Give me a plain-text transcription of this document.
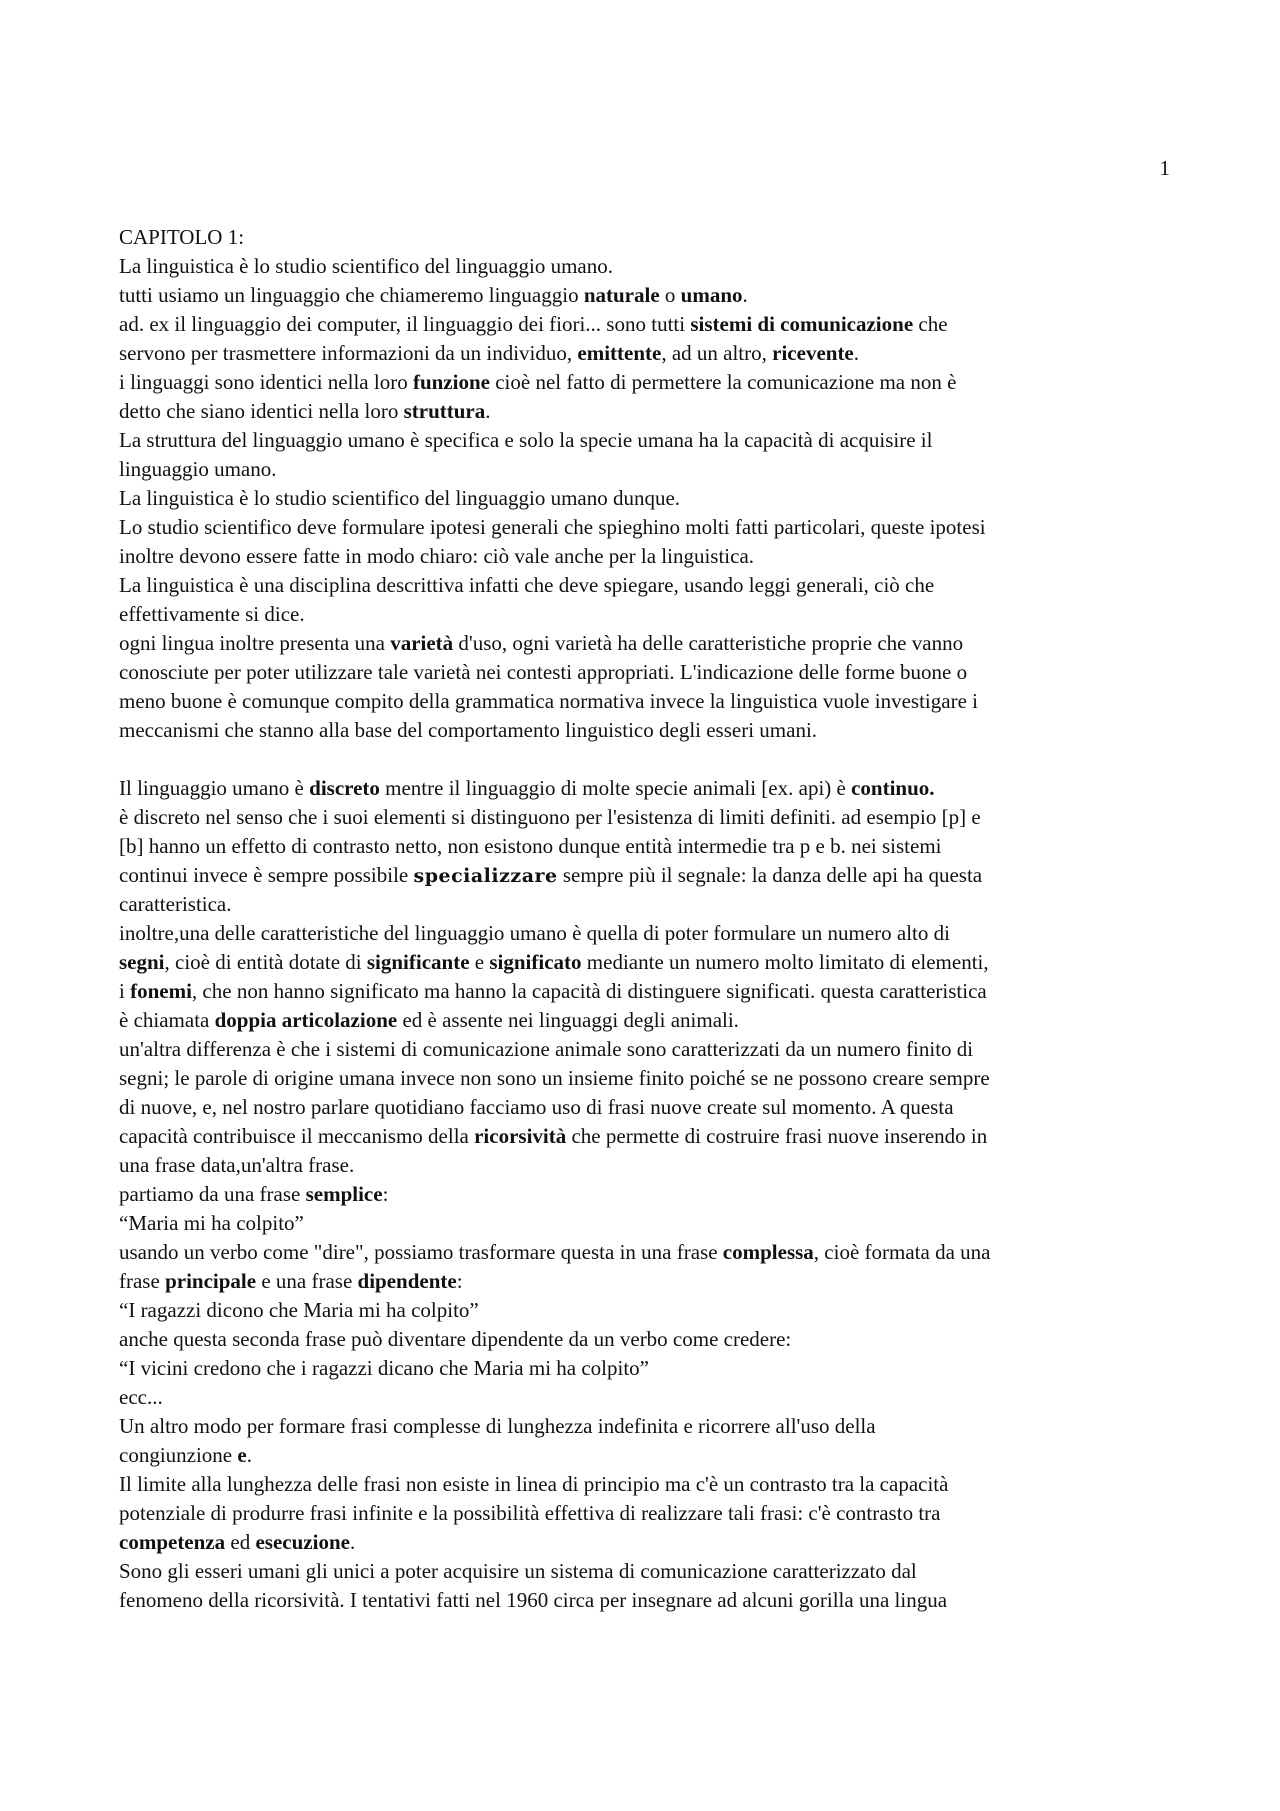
1
CAPITOLO 1:
La linguistica è lo studio scientifico del linguaggio umano.
tutti usiamo un linguaggio che chiameremo linguaggio naturale o umano.
ad. ex il linguaggio dei computer, il linguaggio dei fiori... sono tutti sistemi di comunicazione che
servono per trasmettere informazioni da un individuo, emittente, ad un altro, ricevente.
i linguaggi sono identici nella loro funzione cioè nel fatto di permettere la comunicazione ma non è
detto che siano identici nella loro struttura.
La struttura del linguaggio umano è specifica e solo la specie umana ha la capacità di acquisire il
linguaggio umano.
La linguistica è lo studio scientifico del linguaggio umano dunque.
Lo studio scientifico deve formulare ipotesi generali che spieghino molti fatti particolari, queste ipotesi
inoltre devono essere fatte in modo chiaro: ciò vale anche per la linguistica.
La linguistica è una disciplina descrittiva infatti che deve spiegare, usando leggi generali, ciò che
effettivamente si dice.
ogni lingua inoltre presenta una varietà d'uso, ogni varietà ha delle caratteristiche proprie che vanno
conosciute per poter utilizzare tale varietà nei contesti appropriati. L'indicazione delle forme buone o
meno buone è comunque compito della grammatica normativa invece la linguistica vuole investigare i
meccanismi che stanno alla base del comportamento linguistico degli esseri umani.
Il linguaggio umano è discreto mentre il linguaggio di molte specie animali [ex. api) è continuo.
è discreto nel senso che i suoi elementi si distinguono per l'esistenza di limiti definiti. ad esempio [p] e
[b] hanno un effetto di contrasto netto, non esistono dunque entità intermedie tra p e b. nei sistemi
continui invece è sempre possibile specializzare sempre più il segnale: la danza delle api ha questa
caratteristica.
inoltre,una delle caratteristiche del linguaggio umano è quella di poter formulare un numero alto di
segni, cioè di entità dotate di significante e significato mediante un numero molto limitato di elementi,
i fonemi, che non hanno significato ma hanno la capacità di distinguere significati. questa caratteristica
è chiamata doppia articolazione ed è assente nei linguaggi degli animali.
un'altra differenza è che i sistemi di comunicazione animale sono caratterizzati da un numero finito di
segni; le parole di origine umana invece non sono un insieme finito poiché se ne possono creare sempre
di nuove, e, nel nostro parlare quotidiano facciamo uso di frasi nuove create sul momento. A questa
capacità contribuisce il meccanismo della ricorsività che permette di costruire frasi nuove inserendo in
una frase data,un'altra frase.
partiamo da una frase semplice:
“Maria mi ha colpito”
usando un verbo come "dire", possiamo trasformare questa in una frase complessa, cioè formata da una
frase principale e una frase dipendente:
“I ragazzi dicono che Maria mi ha colpito”
anche questa seconda frase può diventare dipendente da un verbo come credere:
“I vicini credono che i ragazzi dicano che Maria mi ha colpito”
ecc...
Un altro modo per formare frasi complesse di lunghezza indefinita e ricorrere all'uso della
congiunzione e.
Il limite alla lunghezza delle frasi non esiste in linea di principio ma c'è un contrasto tra la capacità
potenziale di produrre frasi infinite e la possibilità effettiva di realizzare tali frasi: c'è contrasto tra
competenza ed esecuzione.
Sono gli esseri umani gli unici a poter acquisire un sistema di comunicazione caratterizzato dal
fenomeno della ricorsività. I tentativi fatti nel 1960 circa per insegnare ad alcuni gorilla una lingua
